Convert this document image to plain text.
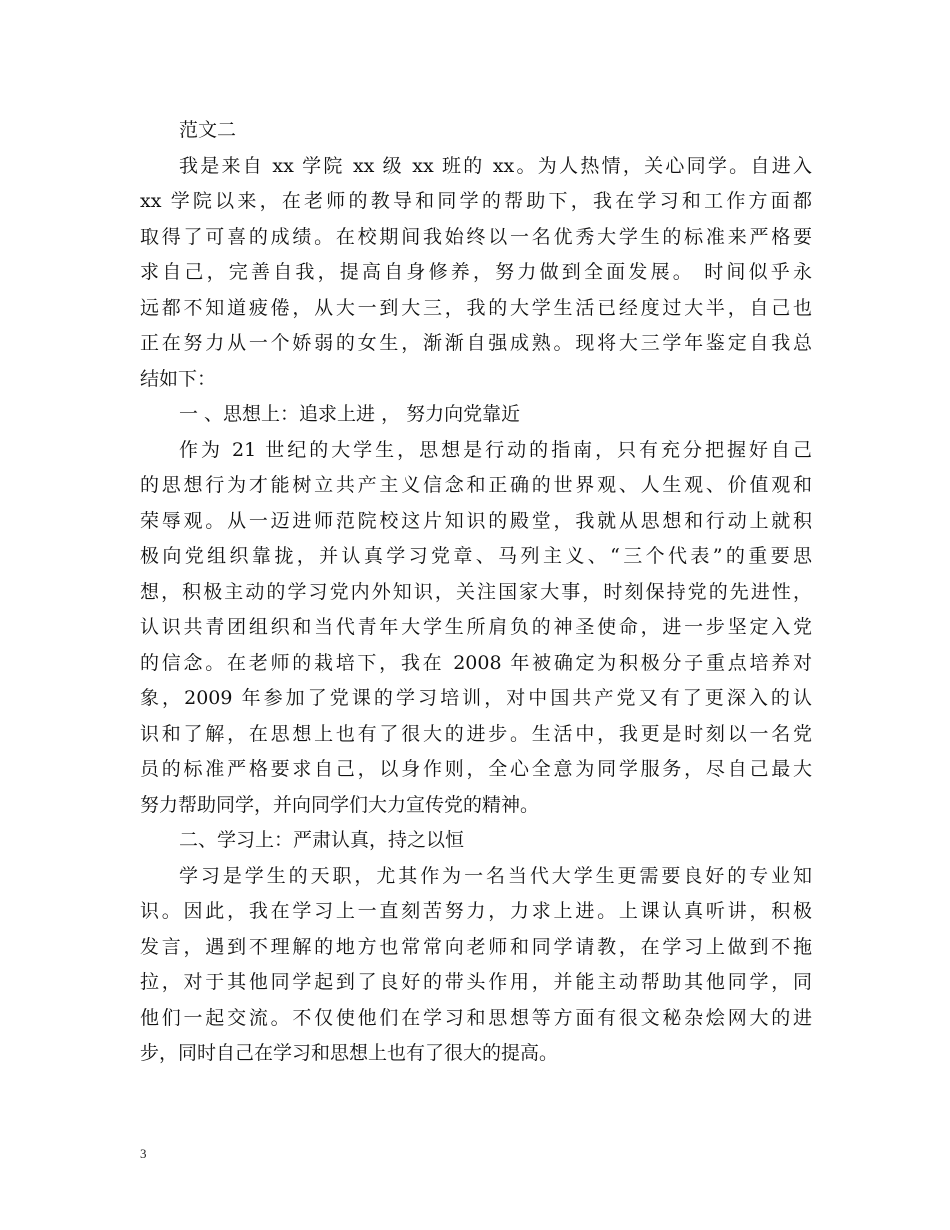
范文二
我是来自 xx 学院 xx 级 xx 班的 xx。为人热情，关心同学。自进入
xx 学院以来，在老师的教导和同学的帮助下，我在学习和工作方面都
取得了可喜的成绩。在校期间我始终以一名优秀大学生的标准来严格要
求自己，完善自我，提高自身修养，努力做到全面发展。 时间似乎永
远都不知道疲倦，从大一到大三，我的大学生活已经度过大半，自己也
正在努力从一个娇弱的女生，渐渐自强成熟。现将大三学年鉴定自我总
结如下：
一 、思想上：追求上进 ， 努力向党靠近
作为 21 世纪的大学生，思想是行动的指南，只有充分把握好自己
的思想行为才能树立共产主义信念和正确的世界观、人生观、价值观和
荣辱观。从一迈进师范院校这片知识的殿堂，我就从思想和行动上就积
极向党组织靠拢，并认真学习党章、马列主义、“三个代表”的重要思
想，积极主动的学习党内外知识，关注国家大事，时刻保持党的先进性，
认识共青团组织和当代青年大学生所肩负的神圣使命，进一步坚定入党
的信念。在老师的栽培下，我在 2008 年被确定为积极分子重点培养对
象，2009 年参加了党课的学习培训，对中国共产党又有了更深入的认
识和了解，在思想上也有了很大的进步。生活中，我更是时刻以一名党
员的标准严格要求自己，以身作则，全心全意为同学服务，尽自己最大
努力帮助同学，并向同学们大力宣传党的精神。
二、学习上：严肃认真，持之以恒
学习是学生的天职，尤其作为一名当代大学生更需要良好的专业知
识。因此，我在学习上一直刻苦努力，力求上进。上课认真听讲，积极
发言，遇到不理解的地方也常常向老师和同学请教，在学习上做到不拖
拉，对于其他同学起到了良好的带头作用，并能主动帮助其他同学，同
他们一起交流。不仅使他们在学习和思想等方面有很文秘杂烩网大的进
步，同时自己在学习和思想上也有了很大的提高。
3
